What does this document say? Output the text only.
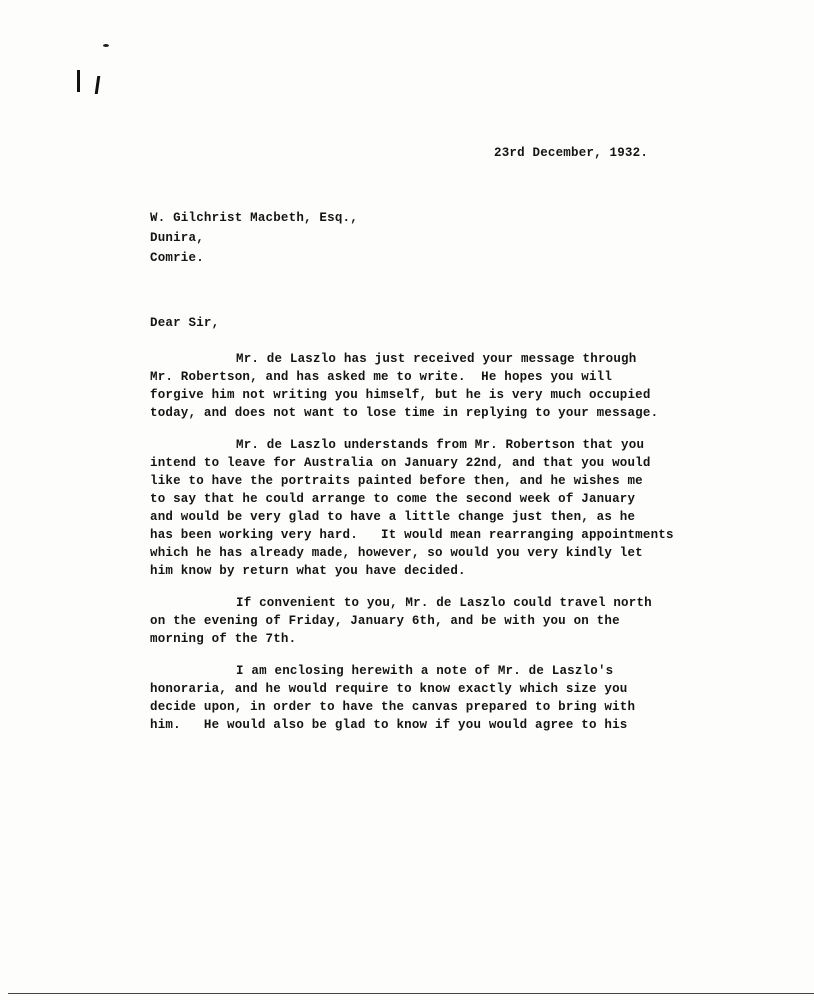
23rd December, 1932.
W. Gilchrist Macbeth, Esq.,
Dunira,
Comrie.
Dear Sir,
Mr. de Laszlo has just received your message through
Mr. Robertson, and has asked me to write.  He hopes you will
forgive him not writing you himself, but he is very much occupied
today, and does not want to lose time in replying to your message.
Mr. de Laszlo understands from Mr. Robertson that you
intend to leave for Australia on January 22nd, and that you would
like to have the portraits painted before then, and he wishes me
to say that he could arrange to come the second week of January
and would be very glad to have a little change just then, as he
has been working very hard.   It would mean rearranging appointments
which he has already made, however, so would you very kindly let
him know by return what you have decided.
If convenient to you, Mr. de Laszlo could travel north
on the evening of Friday, January 6th, and be with you on the
morning of the 7th.
I am enclosing herewith a note of Mr. de Laszlo's
honoraria, and he would require to know exactly which size you
decide upon, in order to have the canvas prepared to bring with
him.   He would also be glad to know if you would agree to his
